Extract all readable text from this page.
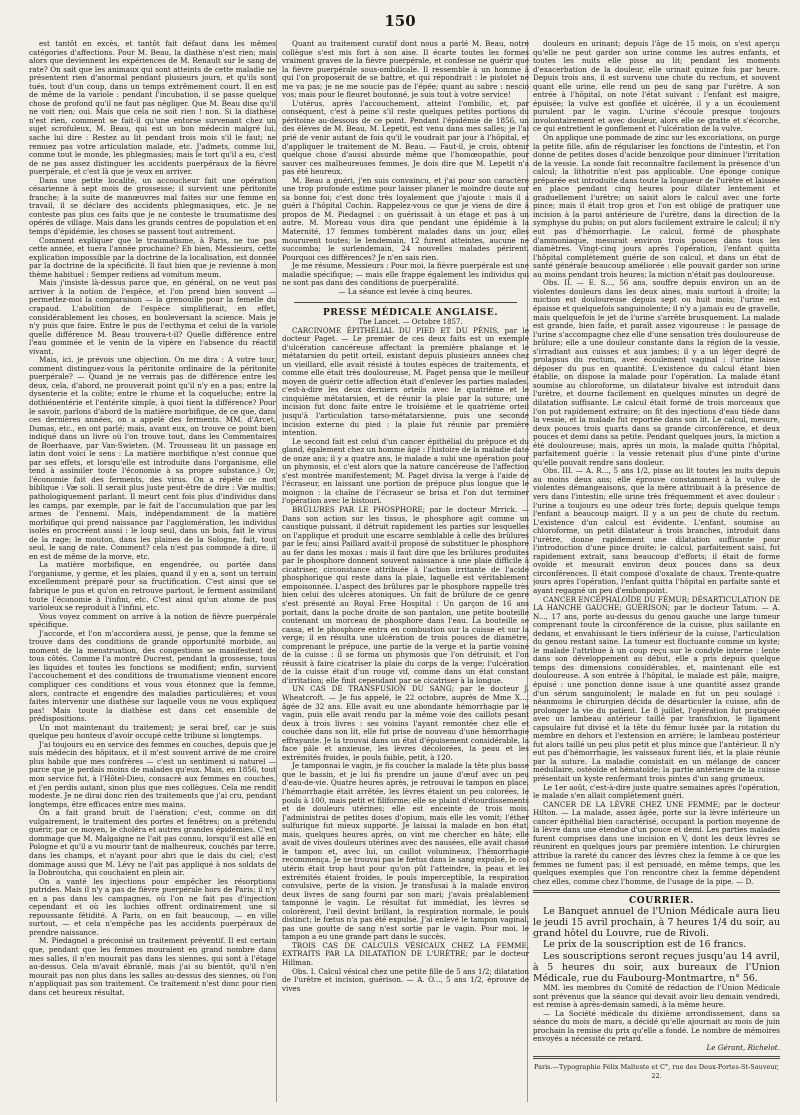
150

est tantôt en excès, et tantôt fait défaut dans les mêmes catégories d'affections. Pour M. Beau, la diathèse n'est rien; mais alors que deviennent les expériences de M. Renault sur le sang de rate? On sait que les animaux qui sont atteints de cette maladie ne présentent rien d'anormal pendant plusieurs jours, et qu'ils sont tués, tout d'un coup, dans un temps extrêmement court. Il en est de même de la variole : pendant l'incubation, il se passe quelque chose de profond qu'il ne faut pas négliger. Que M. Beau dise qu'il ne voit rien; oui. Mais que cela ne soit rien ! non. Si la diathèse n'est rien, comment se fait-il qu'une entorse survenant chez un sujet scrofuleux, M. Beau, qui est un bon médecin malgré lui, sache lui dire : Restez au lit pendant trois mois s'il le faut; ne remuez pas votre articulation malade, etc. J'admets, comme lui, comme tout le monde, les phlegmasies; mais le tort qu'il a eu, c'est de ne pas assez distinguer les accidents puerpéraux de la fièvre puerpérale, et c'est là que je veux en arriver.

Dans une petite localité, un accoucheur fait une opération césarienne à sept mois de grossesse; il survient une péritonite franche; à la suite de manœuvres mal faites sur une femme en travail, il se déclare des accidents phlegmasiques, etc. Je ne conteste pas plus ces faits que je ne conteste le traumatisme des opérés de village. Mais dans les grands centres de population et en temps d'épidémie, les choses se passent tout autrement.

Comment expliquer que le traumatisme, à Paris, ne tue pas cette année, et tuera l'année prochaine? Eh bien, Messieurs, cette explication impossible par la doctrine de la localisation, est donnée par la doctrine de la spécificité. Il faut bien que je revienne à mon thème habituel : Semper rediens ad vomitum meum.

Mais j'insiste là-dessus parce que, en général, on ne veut pas arriver à la notion de l'espèce, et l'on prend bien souvent — permettez-moi la comparaison — la grenouille pour la femelle du crapaud. L'abolition de l'espèce simplifierait, en effet, considérablement les choses, en bouleversant la science. Mais je n'y puis que faire. Entre le pus de l'ecthyma et celui de la variole quelle différence M. Beau trouvera-t-il? Quelle différence entre l'eau gommée et le venin de la vipère en l'absence du réactif vivant.

Mais, ici, je prévois une objection. On me dira : A votre tour, comment distinguez-vous la péritonite ordinaire de la péritonite puerpérale? — Quand je ne verrais pas de différence entre les deux, cela, d'abord, ne prouverait point qu'il n'y en a pas; entre la dysenterie et la colite; entre le rhume et la coqueluche; entre la dothiénentérie et l'entérite simple, à quoi tient la différence? Pour le savoir, parlons d'abord de la matière morbifique, de ce que, dans ces dernières années, on a appelé des ferments. MM. d'Arcet, Dumas, etc., en ont parlé; mais, avant eux, on trouve ce point bien indiqué dans un livre où l'on trouve tout, dans les Commentaires de Boerhaave, par Van-Swieten. (M. Trousseau lit un passage en latin dont voici le sens : La matière morbifique n'est connue que par ses effets, et lorsqu'elle est introduite dans l'organisme, elle tend à assimiler toute l'économie à sa propre substance.) Or, l'économie fait des ferments, des virus. On a répété ce mot biblique : Væ soli. Il serait plus juste peut-être de dire : Væ multis; pathologiquement parlant. Il meurt cent fois plus d'individus dans les camps, par exemple, par le fait de l'accumulation que par les armes de l'ennemi. Mais, indépendamment de la matière morbifique qui prend naissance par l'agglomération, les individus isolés en procréent aussi : le loup seul, dans un bois, fait le virus de la rage; le mouton, dans les plaines de la Sologne, fait, tout seul, le sang de rate. Comment? cela n'est pas commode à dire, il en est de même de la morve, etc.

La matière morbifique, en engendrée, ou portée dans l'organisme, y germe, et les plaies, quand il y en a, sont un terrain excellemment préparé pour sa fructification. C'est ainsi que se fabrique le pus et qu'on en retrouve partout, le ferment assimilant toute l'économie à l'infini, etc. C'est ainsi qu'un atome de pus varioleux se reproduit à l'infini, etc.

Vous voyez comment on arrive à la notion de fièvre puerpérale spécifique.

J'accorde, et l'on m'accordera aussi, je pense, que la femme se trouve dans des conditions de grande opportunité morbide, au moment de la menstruation, des congestions se manifestent de tous côtés. Comme l'a montré Ducrest, pendant la grossesse, tous les liquides et toutes les fonctions se modifient; enfin, survient l'accouchement et des conditions de traumatisme viennent encore compliquer ces conditions et vous vous étonnez que la femme, alors, contracte et engendre des maladies particulières; et vous faites intervenir une diathèse sur laquelle vous ne vous expliquez pas! Mais toute la diathèse est dans cet ensemble de prédispositions.

Un mot maintenant du traitement; je serai bref, car je suis quelque peu honteux d'avoir occupé cette tribune si longtemps.

J'ai toujours eu en service des femmes en couches, depuis que je suis médecin des hôpitaux, et il m'est souvent arrivé de me croire plus habile que mes confrères — c'est un sentiment si naturel — parce que je perdais moins de malades qu'eux. Mais, en 1856, tout mon service fut, à l'Hôtel-Dieu, consacré aux femmes en couches, et j'en perdis autant, sinon plus que mes collègues. Cela me rendit modeste. Je ne dirai donc rien des traitements que j'ai cru, pendant longtemps, être efficaces entre mes mains.

On a fait grand bruit de l'aération; c'est, comme on dit vulgairement, le traitement des portes et fenêtres; on a prétendu guérir, par ce moyen, le choléra et autres grandes épidémies. C'est dommage que M. Malgaigne ne l'ait pas connu, lorsqu'il est allé en Pologne et qu'il a vu mourir tant de malheureux, couchés par terre, dans les champs, et n'ayant pour abri que le dais du ciel; c'est dommage aussi que M. Lévy ne l'ait pas appliqué à nos soldats de la Dobroutcha, qui couchaient en plein air.

On a vanté les injections pour empêcher les résorptions putrides. Mais il n'y a pas de fièvre puerpérale hors de Paris; il n'y en a pas dans les campagnes, où l'on ne fait pas d'injection cependant et où les lochies offrent ordinairement une si repoussante fétidité. A Paris, on en fait beaucoup, — en ville surtout, — et cela n'empêche pas les accidents puerpéraux de prendre naissance.

M. Piedagnel a préconisé un traitement préventif. Il est certain que, pendant que les femmes mouraient en grand nombre dans mes salles, il n'en mourait pas dans les siennes, qui sont à l'étage au-dessus. Cela m'avait ébranlé, mais j'ai su bientôt, qu'il n'en mourait pas non plus dans les salles au-dessus des siennes, où l'on n'appliquait pas son traitement. Ce traitement n'est donc pour rien dans cet heureux résultat.

Quant au traitement curatif dont nous a parlé M. Beau, notre collègue s'est mis fort à son aise. Il écarte toutes les formes vraiment graves de la fièvre puerpérale, et confesse ne guérir que la fièvre puerpérale sous-ombilicale. Il ressemble à un homme à qui l'on proposerait de se battre, et qui répondrait : le pistolet ne me va pas; je ne me soucie pas de l'épée; quant au sabre : nescio vos; mais pour le fleuret boutonné, je suis tout à votre service!

L'utérus, après l'accouchement, atteint l'ombilic, et, par conséquent, c'est à peine s'il reste quelques petites portions du péritoine au-dessous de ce point. Pendant l'épidémie de 1856, un des élèves de M. Beau, M. Lepetit, est venu dans mes salles; je l'ai prié de venir autant de fois qu'il le voudrait par jour à l'hôpital, et d'appliquer le traitement de M. Beau. — Faut-il, je crois, obtenir quelque chose d'aussi absurde même que l'homœopathie, pour sauver ces malheureuses femmes. Je dois dire que M. Lepetit n'a pas été heureux.

M. Beau a guéri, j'en suis convaincu, et j'ai pour son caractère une trop profonde estime pour laisser planer le moindre doute sur sa bonne foi; c'est donc très loyalement que j'ajoute : mais il a guéri à l'hôpital Cochin. Rappelez-vous ce que je viens de dire à propos de M. Piedagnel : on guérissait à un étage et pas à un autre. M. Moreau vous dira que pendant une épidémie à la Maternité, 17 femmes tombèrent malades dans un jour, elles moururent toutes; le lendemain, 12 furent atteintes, aucune ne succomba; le surlendemain, 24 nouvelles malades périrent. Pourquoi ces différences? Je n'en sais rien.

Je me résume, Messieurs : Pour moi, la fièvre puerpérale est une maladie spécifique; — mais elle frappe également les individus qui ne sont pas dans des conditions de puerpéralité.

— La séance est levée à cinq heures.

PRESSE MÉDICALE ANGLAISE.

The Lancet. — Octobre 1857.

CARCINOME ÉPITHÉLIAL DU PIED ET DU PÉNIS, par le docteur Paget. — Le premier de ces deux faits est un exemple d'ulcération cancéreuse affectant la première phalange et le métatarsien du petit orteil, existant depuis plusieurs années chez un vieillard, elle avait résisté à toutes espèces de traitements, et comme elle était très douloureuse, M. Paget pensa que le meilleur moyen de guérir cette affection était d'enlever les parties malades, c'est-à-dire les deux derniers orteils avec le quatrième et le cinquième métatarsien, et de réunir la plaie par la suture; une incision fut donc faite entre le troisième et le quatrième orteil jusqu'à l'articulation tarso-métatarsienne, puis une seconde incision externe du pied : la plaie fut réunie par première intention.

Le second fait est celui d'un cancer épithélial du prépuce et du gland, également chez un homme âgé : l'histoire de la maladie date de onze ans; il y a quatre ans, le malade a subi une opération pour un phymosis, et c'est alors que la nature cancéreuse de l'affection s'est montrée manifestement; M. Paget divisa la verge à l'aide de l'écraseur, en laissant une portion de prépuce plus longue que le moignon : la chaîne de l'écraseur se brisa et l'on dut terminer l'opération avec le bistouri.

BRÛLURES PAR LE PHOSPHORE; par le docteur Mrrick. — Dans son action sur les tissus, le phosphore agit comme un caustique puissant, il détruit rapidement les parties sur lesquelles on l'applique et produit une escarre semblable à celle des brûlures par le feu; ainsi Paillard avait-il proposé de substituer le phosphore au fer dans les moxas : mais il faut dire que les brûlures produites par le phosphore donnent souvent naissance à une plaie difficile à cicatriser, circonstance attribuée à l'action irritante de l'acide phosphorique qui reste dans la plaie, laquelle est véritablement empoisonnée. L'aspect des brûlures par le phosphore rappelle très bien celui des ulcères atoniques. Un fait de brûlure de ce genre s'est présenté au Royal Free Hospital : Un garçon de 16 ans portait, dans la poche droite de son pantalon, une petite bouteille contenant un morceau de phosphore dans l'eau. La bouteille se cassa, et le phosphore entra en combustion sur la cuisse et sur la verge; il en résulta une ulcération de trois pouces de diamètre, comprenant le prépuce, une partie de la verge et la partie voisine de la cuisse : il se forma un phymosis que l'on détruisit, et l'on réussit à faire cicatriser la plaie du corps de la verge; l'ulcération de la cuisse était d'un rouge vif, comme dans un état constant d'irritation; elle finit cependant par se cicatriser à la longue.

UN CAS DE TRANSFUSION DU SANG; par le docteur J. Wheatcroft. — Je fus appelé, le 22 octobre, auprès de Mme X..., âgée de 32 ans. Elle avait eu une abondante hémorrhagie par le vagin, puis elle avait rendu par la même voie des caillots pesant deux à trois livres : ses voisins l'ayant remontée chez elle et couchée dans son lit, elle fut prise de nouveau d'une hémorrhagie effrayante. Je la trouvai dans un état d'épuisement considérable, la face pâle et anxieuse, les lèvres décolorées, la peau et les extrémités froides, le pouls faible, petit, à 120.

Je tamponnai le vagin, je fis coucher la malade la tête plus basse que le bassin, et je lui fis prendre un jaune d'œuf avec un peu d'eau-de-vie. Quatre heures après, je retrouvai le tampon en place, l'hémorrhagie était arrêtée, les lèvres étaient un peu colorées, le pouls à 100, mais petit et filiforme; elle se plaint d'étourdissements et de douleurs utérines; elle est enceinte de trois mois. J'administrai de petites doses d'opium, mais elle les vomit; l'éther sulfurique fut mieux supporté. Je laissai la malade en bon état, mais, quelques heures après, on vint me chercher en hâte; elle avait de vives douleurs utérines avec des nausées, elle avait chassé le tampon et, avec lui, un caillot volumineux, l'hémorrhagie recommença. Je ne trouvai pas le fœtus dans le sang expulsé, le col utérin était trop haut pour qu'on pût l'atteindre, la peau et les extrémités étaient froides, le pouls imperceptible, la respiration convulsive, perte de la vision. Je transfusai à la malade environ deux livres de sang fourni par son mari; j'avais préalablement tamponné le vagin. Le résultat fut immédiat, les lèvres se colorèrent, l'œil devint brillant, la respiration normale, le pouls distinct; le fœtus n'a pas été expulsé. J'ai enlevé le tampon vaginal, pas une goutte de sang n'est sortie par le vagin. Pour moi, le tampon a eu une grande part dans le succès.

TROIS CAS DE CALCULS VÉSICAUX CHEZ LA FEMME, EXTRAITS PAR LA DILATATION DE L'URÈTRE; par le docteur Hillman.

Obs. I. Calcul vésical chez une petite fille de 5 ans 1/2; dilatation de l'urètre et incision, guérison. — A. O..., 5 ans 1/2, éprouve de vives

douleurs en urinant; depuis l'âge de 15 mois, on s'est aperçu qu'elle ne peut garder son urine comme les autres enfants, et toutes les nuits elle pisse au lit; pendant les moments d'exacerbation de la douleur, elle urinait quinze fois par heure. Depuis trois ans, il est survenu une chute du rectum, et souvent quant elle urine, elle rend un peu de sang par l'urètre. A son entrée à l'hôpital, on note l'état suivant : l'enfant est maigre, épuisée; la vulve est gonflée et ulcérée, il y a un écoulement purulent par le vagin. L'urine s'écoule presque toujours involontairement et avec douleur, alors elle se gratte et s'écorche, ce qui entretient le gonflement et l'ulcération de la vulve.

On applique une pommade de zinc sur les excoriations, on purge la petite fille, afin de régulariser les fonctions de l'intestin, et l'on donne de petites doses d'acide benzoïque pour diminuer l'irritation de la vessie. La sonde fait reconnaître facilement la présence d'un calcul; la lithotritie n'est pas applicable. Une éponge conique préparée est introduite dans toute la longueur de l'urètre et laissée en place pendant cinq heures pour dilater lentement et graduellement l'urètre; on saisit alors le calcul avec une forte pince; mais il était trop gros et l'on est obligé de pratiquer une incision à la paroi antérieure de l'urètre, dans la direction de la symphyse du pubis; on put alors facilement extraire le calcul; il n'y eut pas d'hémorrhagie. Le calcul, formé de phosphate d'ammoniaque, mesurait environ trois pouces dans tous les diamètres. Vingt-cinq jours après l'opération, l'enfant quitta l'hôpital complètement guérie de son calcul, et dans un état de santé générale beaucoup améliorée : elle pouvait garder son urine au moins pendant trois heures; la miction n'était pas douloureuse.

Obs. II. — E. S..., 56 ans, souffre depuis environ un an de violentes douleurs dans les deux aines, mais surtout à droite; la miction est douloureuse depuis sept ou huit mois; l'urine est épaisse et quelquefois sanguinolente; il n'y a jamais eu de gravelle, mais quelquefois le jet de l'urine s'arrête brusquement. La malade est grande, bien faite, et paraît assez vigoureuse : le passage de l'urine s'accompagne chez elle d'une sensation très douloureuse de brûlure; elle a une douleur constante dans la région de la vessie, s'irradiant aux cuisses et aux jambes; il y a un léger degré de prolapsus du rectum, avec écoulement vaginal : l'urine laisse déposer du pus en quantité. L'existence du calcul étant bien établie, on dispose la malade pour l'opération. La malade étant soumise au chloroforme, un dilatateur bivalve est introduit dans l'urètre, et dourne facilement en quelques minutes un degré de dilatation suffisante. Le calcul était formé de trois morceaux que l'on put rapidement extraire; on fit des injections d'eau tiède dans la vessie, et la malade fut reportée dans son lit. Le calcul, mesure, deux pouces trois quarts dans sa grande circonférence, et deux pouces et demi dans sa petite. Pendant quelques jours, la miction a été douloureuse; mais, après un mois, la malade quitta l'hôpital, parfaitement guérie : la vessie retenait plus d'une pinte d'urine qu'elle pouvait rendre sans douleur.

Obs. III. — A. R..., 5 ans 1/2, pisse au lit toutes les nuits depuis au moins deux ans; elle éprouve constamment à la vulve de violentes démangeaisons, que la mère attribuait à la présence de vers dans l'intestin; elle urine très fréquemment et avec douleur : l'urine a toujours eu une odeur très forte; depuis quelque temps l'enfant a beaucoup maigri. Il y a un peu de chute du rectum. L'existence d'un calcul est évidente. L'enfant, soumise au chloroforme, un petit dilatateur à trois branches, introduit dans l'urètre, donne rapidement une dilatation suffisante pour l'introduction d'une pince droite; le calcul, parfaitement saisi, fut rapidement extrait, sans beaucoup d'efforts; il était de forme ovoïde et mesurait environ deux pouces dans sa deux circonférences. Il était composé d'oxalate de chaux. Trente-quatre jours après l'opération, l'enfant quitta l'hôpital en parfaite santé et ayant regagné un peu d'embonpoint.

CANCER ENCÉPHALOÏDE DU FÉMUR; DÉSARTICULATION DE LA HANCHE GAUCHE; GUÉRISON; par le docteur Tatum. — A. N..., 17 ans, porte au-dessus du genou gauche une large tumeur comprenant toute la circonférence de la cuisse, plus saillante en dedans, et envahissant le tiers inférieur de la cuisse, l'articulation du genou restant saine. La tumeur est fluctuante comme un kyste; le malade l'attribue à un coup reçu sur le condyle interne : lente dans son développement au début, elle a pris depuis quelque temps des dimensions considérables, et, maintenant elle est douloureuse. A son entrée à l'hôpital, le malade est pâle, maigre, épuisé : une ponction donne issue à une quantité assez grande d'un sérum sanguinolent; le malade en fut un peu soulagé : néanmoins le chirurgien décida de désarticuler la cuisse, afin de prolonger la vie du patient. Le 8 juillet, l'opération fut pratiquée avec un lambeau antérieur taillé par transfixion, le ligament capsulaire fut divisé et la tête du fémur luxée par la rotation du membre en dehors et l'extension en arrière; le lambeau postérieur fut alors taillé un peu plus petit et plus mince que l'antérieur. Il n'y eut pas d'hémorrhagie, les vaisseaux furent liés, et la plaie réunie par la suture. La maladie consistait en un mélange de cancer médullaire, ostéoïde et hématoïde; la partie antérieure de la cuisse présentait un kyste renfermant trois pintes d'un sang grumeux.

Le 1er août, c'est-à-dire juste quatre semaines après l'opération, le malade s'en allait complètement guéri.

CANCER DE LA LÈVRE CHEZ UNE FEMME; par le docteur Hilton. — La malade, assez âgée, porte sur la lèvre inférieure un cancer épithélial bien caractérisé, occupant la portion moyenne de la lèvre dans une étendue d'un pouce et demi. Les parties malades furent comprises dans une incision en V, dont les deux lèvres se réunirent en quelques jours par première intention. Le chirurgien attribue la rareté du cancer des lèvres chez la femme à ce que les femmes ne fument pas; il est persuadé, en même temps, que les quelques exemples que l'on rencontre chez la femme dépendent chez elles, comme chez l'homme, de l'usage de la pipe. — D.

COURRIER.

Le Banquet annuel de l'Union Médicale aura lieu le jeudi 15 avril prochain, à 7 heures 1/4 du soir, au grand hôtel du Louvre, rue de Rivoli.

Le prix de la souscription est de 16 francs.

Les souscriptions seront reçues jusqu'au 14 avril, à 5 heures du soir, aux bureaux de l'Union Médicale, rue du Faubourg-Montmartre, n° 56.

MM. les membres du Comité de rédaction de l'Union Médicale sont prévenus que la séance qui devait avoir lieu demain vendredi, est remise à après-demain samedi, à la même heure.

— La Société médicale du dixième arrondissement, dans sa séance du mois de mars, a décidé qu'elle ajournait au mois de juin prochain la remise du prix qu'elle a fondé. Le nombre de mémoires envoyés a nécessité ce retard.

Le Gérant, Richelot.

Paris.—Typographie Félix Malteste et C°, rue des Deux-Portes-St-Sauveur, 22.
